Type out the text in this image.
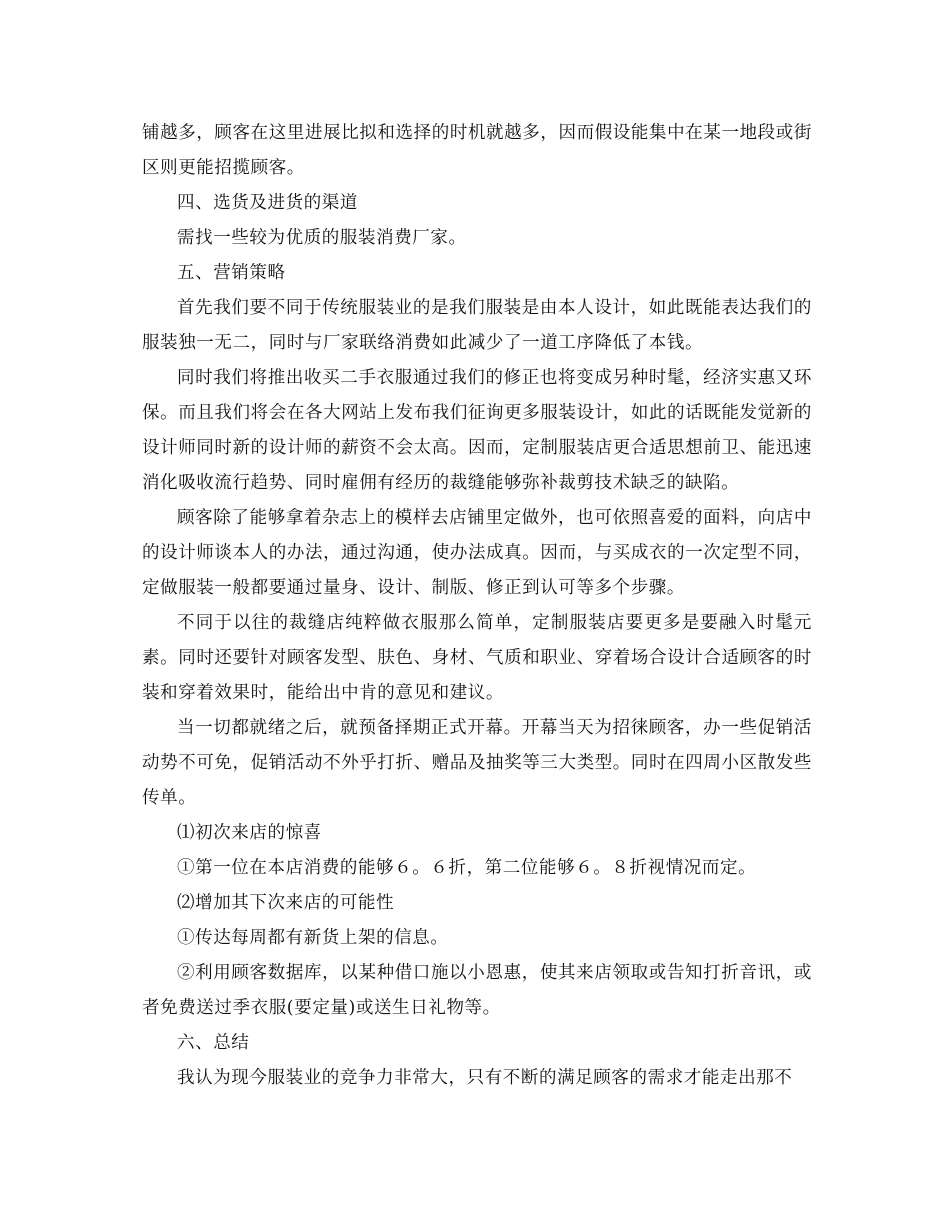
铺越多，顾客在这里进展比拟和选择的时机就越多，因而假设能集中在某一地段或街区则更能招揽顾客。

四、选货及进货的渠道

需找一些较为优质的服装消费厂家。

五、营销策略

首先我们要不同于传统服装业的是我们服装是由本人设计，如此既能表达我们的服装独一无二，同时与厂家联络消费如此减少了一道工序降低了本钱。

同时我们将推出收买二手衣服通过我们的修正也将变成另种时髦，经济实惠又环保。而且我们将会在各大网站上发布我们征询更多服装设计，如此的话既能发觉新的设计师同时新的设计师的薪资不会太高。因而，定制服装店更合适思想前卫、能迅速消化吸收流行趋势、同时雇佣有经历的裁缝能够弥补裁剪技术缺乏的缺陷。

顾客除了能够拿着杂志上的模样去店铺里定做外，也可依照喜爱的面料，向店中的设计师谈本人的办法，通过沟通，使办法成真。因而，与买成衣的一次定型不同，定做服装一般都要通过量身、设计、制版、修正到认可等多个步骤。

不同于以往的裁缝店纯粹做衣服那么简单，定制服装店要更多是要融入时髦元素。同时还要针对顾客发型、肤色、身材、气质和职业、穿着场合设计合适顾客的时装和穿着效果时，能给出中肯的意见和建议。

当一切都就绪之后，就预备择期正式开幕。开幕当天为招徕顾客，办一些促销活动势不可免，促销活动不外乎打折、赠品及抽奖等三大类型。同时在四周小区散发些传单。

⑴初次来店的惊喜

①第一位在本店消费的能够６。６折，第二位能够６。８折视情况而定。

⑵增加其下次来店的可能性

①传达每周都有新货上架的信息。

②利用顾客数据库，以某种借口施以小恩惠，使其来店领取或告知打折音讯，或者免费送过季衣服(要定量)或送生日礼物等。

六、总结

我认为现今服装业的竞争力非常大，只有不断的满足顾客的需求才能走出那不
